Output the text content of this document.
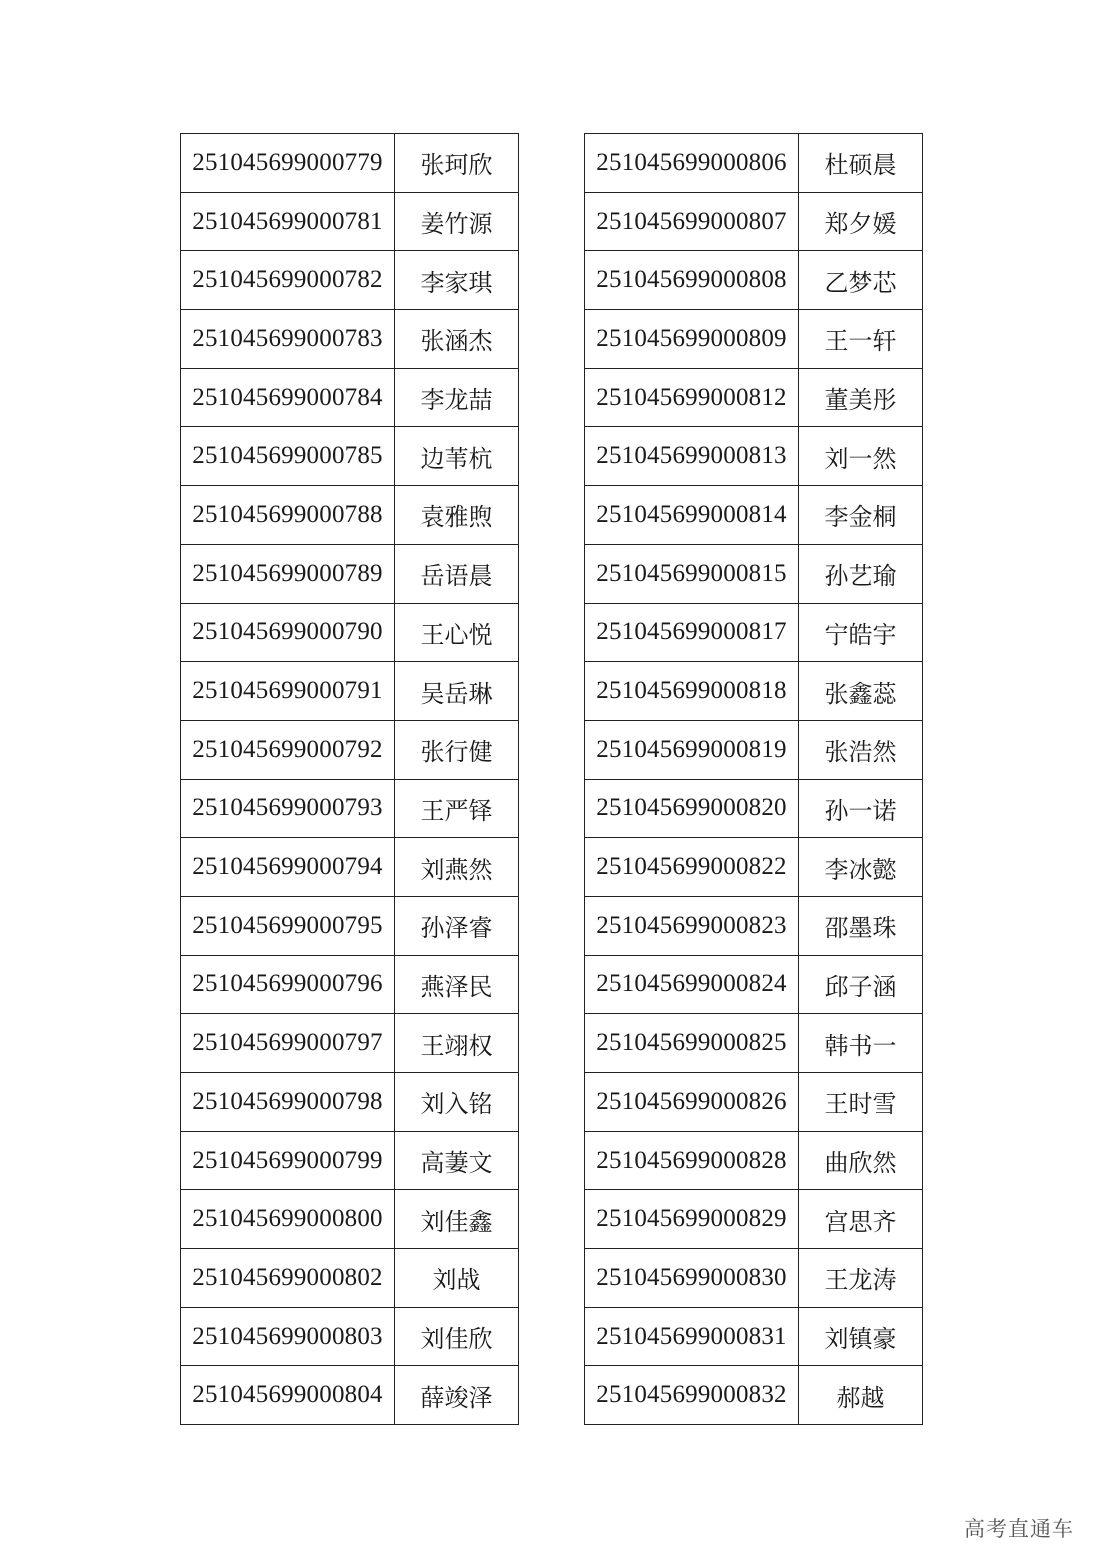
251045699000779	张珂欣
251045699000781	姜竹源
251045699000782	李家琪
251045699000783	张涵杰
251045699000784	李龙喆
251045699000785	边苇杭
251045699000788	袁雅煦
251045699000789	岳语晨
251045699000790	王心悦
251045699000791	吴岳琳
251045699000792	张行健
251045699000793	王严铎
251045699000794	刘燕然
251045699000795	孙泽睿
251045699000796	燕泽民
251045699000797	王翊权
251045699000798	刘入铭
251045699000799	高萋文
251045699000800	刘佳鑫
251045699000802	刘战
251045699000803	刘佳欣
251045699000804	薛竣泽
251045699000806	杜硕晨
251045699000807	郑夕媛
251045699000808	乙梦芯
251045699000809	王一轩
251045699000812	董美彤
251045699000813	刘一然
251045699000814	李金桐
251045699000815	孙艺瑜
251045699000817	宁皓宇
251045699000818	张鑫蕊
251045699000819	张浩然
251045699000820	孙一诺
251045699000822	李冰懿
251045699000823	邵墨珠
251045699000824	邱子涵
251045699000825	韩书一
251045699000826	王时雪
251045699000828	曲欣然
251045699000829	宫思齐
251045699000830	王龙涛
251045699000831	刘镇豪
251045699000832	郝越
高考直通车
